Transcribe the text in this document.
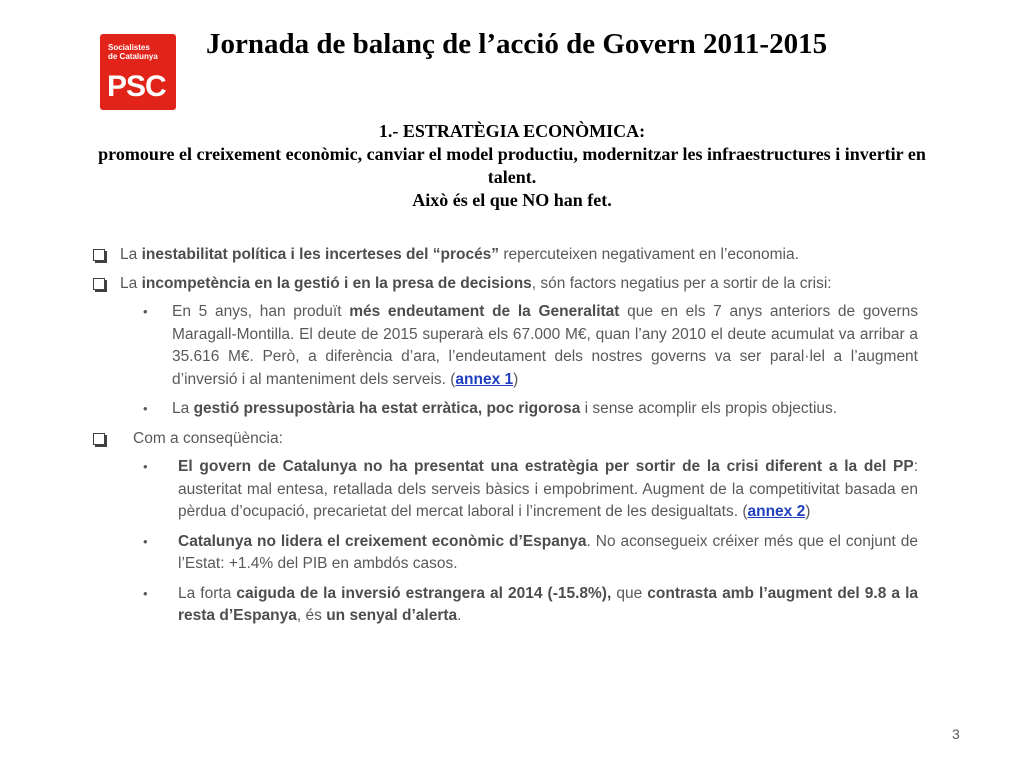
Socialistes
de Catalunya
PSC
Jornada de balanç de l’acció de Govern 2011-2015
1.- ESTRATÈGIA ECONÒMICA:
promoure el creixement econòmic, canviar el model productiu, modernitzar les infraestructures i invertir en talent.
Això és el que NO han fet.
La inestabilitat política i les incerteses del “procés” repercuteixen negativament en l’economia.
La incompetència en la gestió i en la presa de decisions, són factors negatius per a sortir de la crisi:
• En 5 anys, han produït més endeutament de la Generalitat que en els 7 anys anteriors de governs Maragall-Montilla. El deute de 2015 superarà els 67.000 M€, quan l’any 2010 el deute acumulat va arribar a 35.616 M€. Però, a diferència d’ara, l’endeutament dels nostres governs va ser paral·lel a l’augment d’inversió i al manteniment dels serveis. (annex 1)
• La gestió pressupostària ha estat erràtica, poc rigorosa i sense acomplir els propis objectius.
Com a conseqüència:
• El govern de Catalunya no ha presentat una estratègia per sortir de la crisi diferent a la del PP: austeritat mal entesa, retallada dels serveis bàsics i empobriment. Augment de la competitivitat basada en pèrdua d’ocupació, precarietat del mercat laboral i l’increment de les desigualtats. (annex 2)
• Catalunya no lidera el creixement econòmic d’Espanya. No aconsegueix créixer més que el conjunt de l’Estat: +1.4% del PIB en ambdós casos.
• La forta caiguda de la inversió estrangera al 2014 (-15.8%), que contrasta amb l’augment del 9.8 a la resta d’Espanya, és un senyal d’alerta.
3
